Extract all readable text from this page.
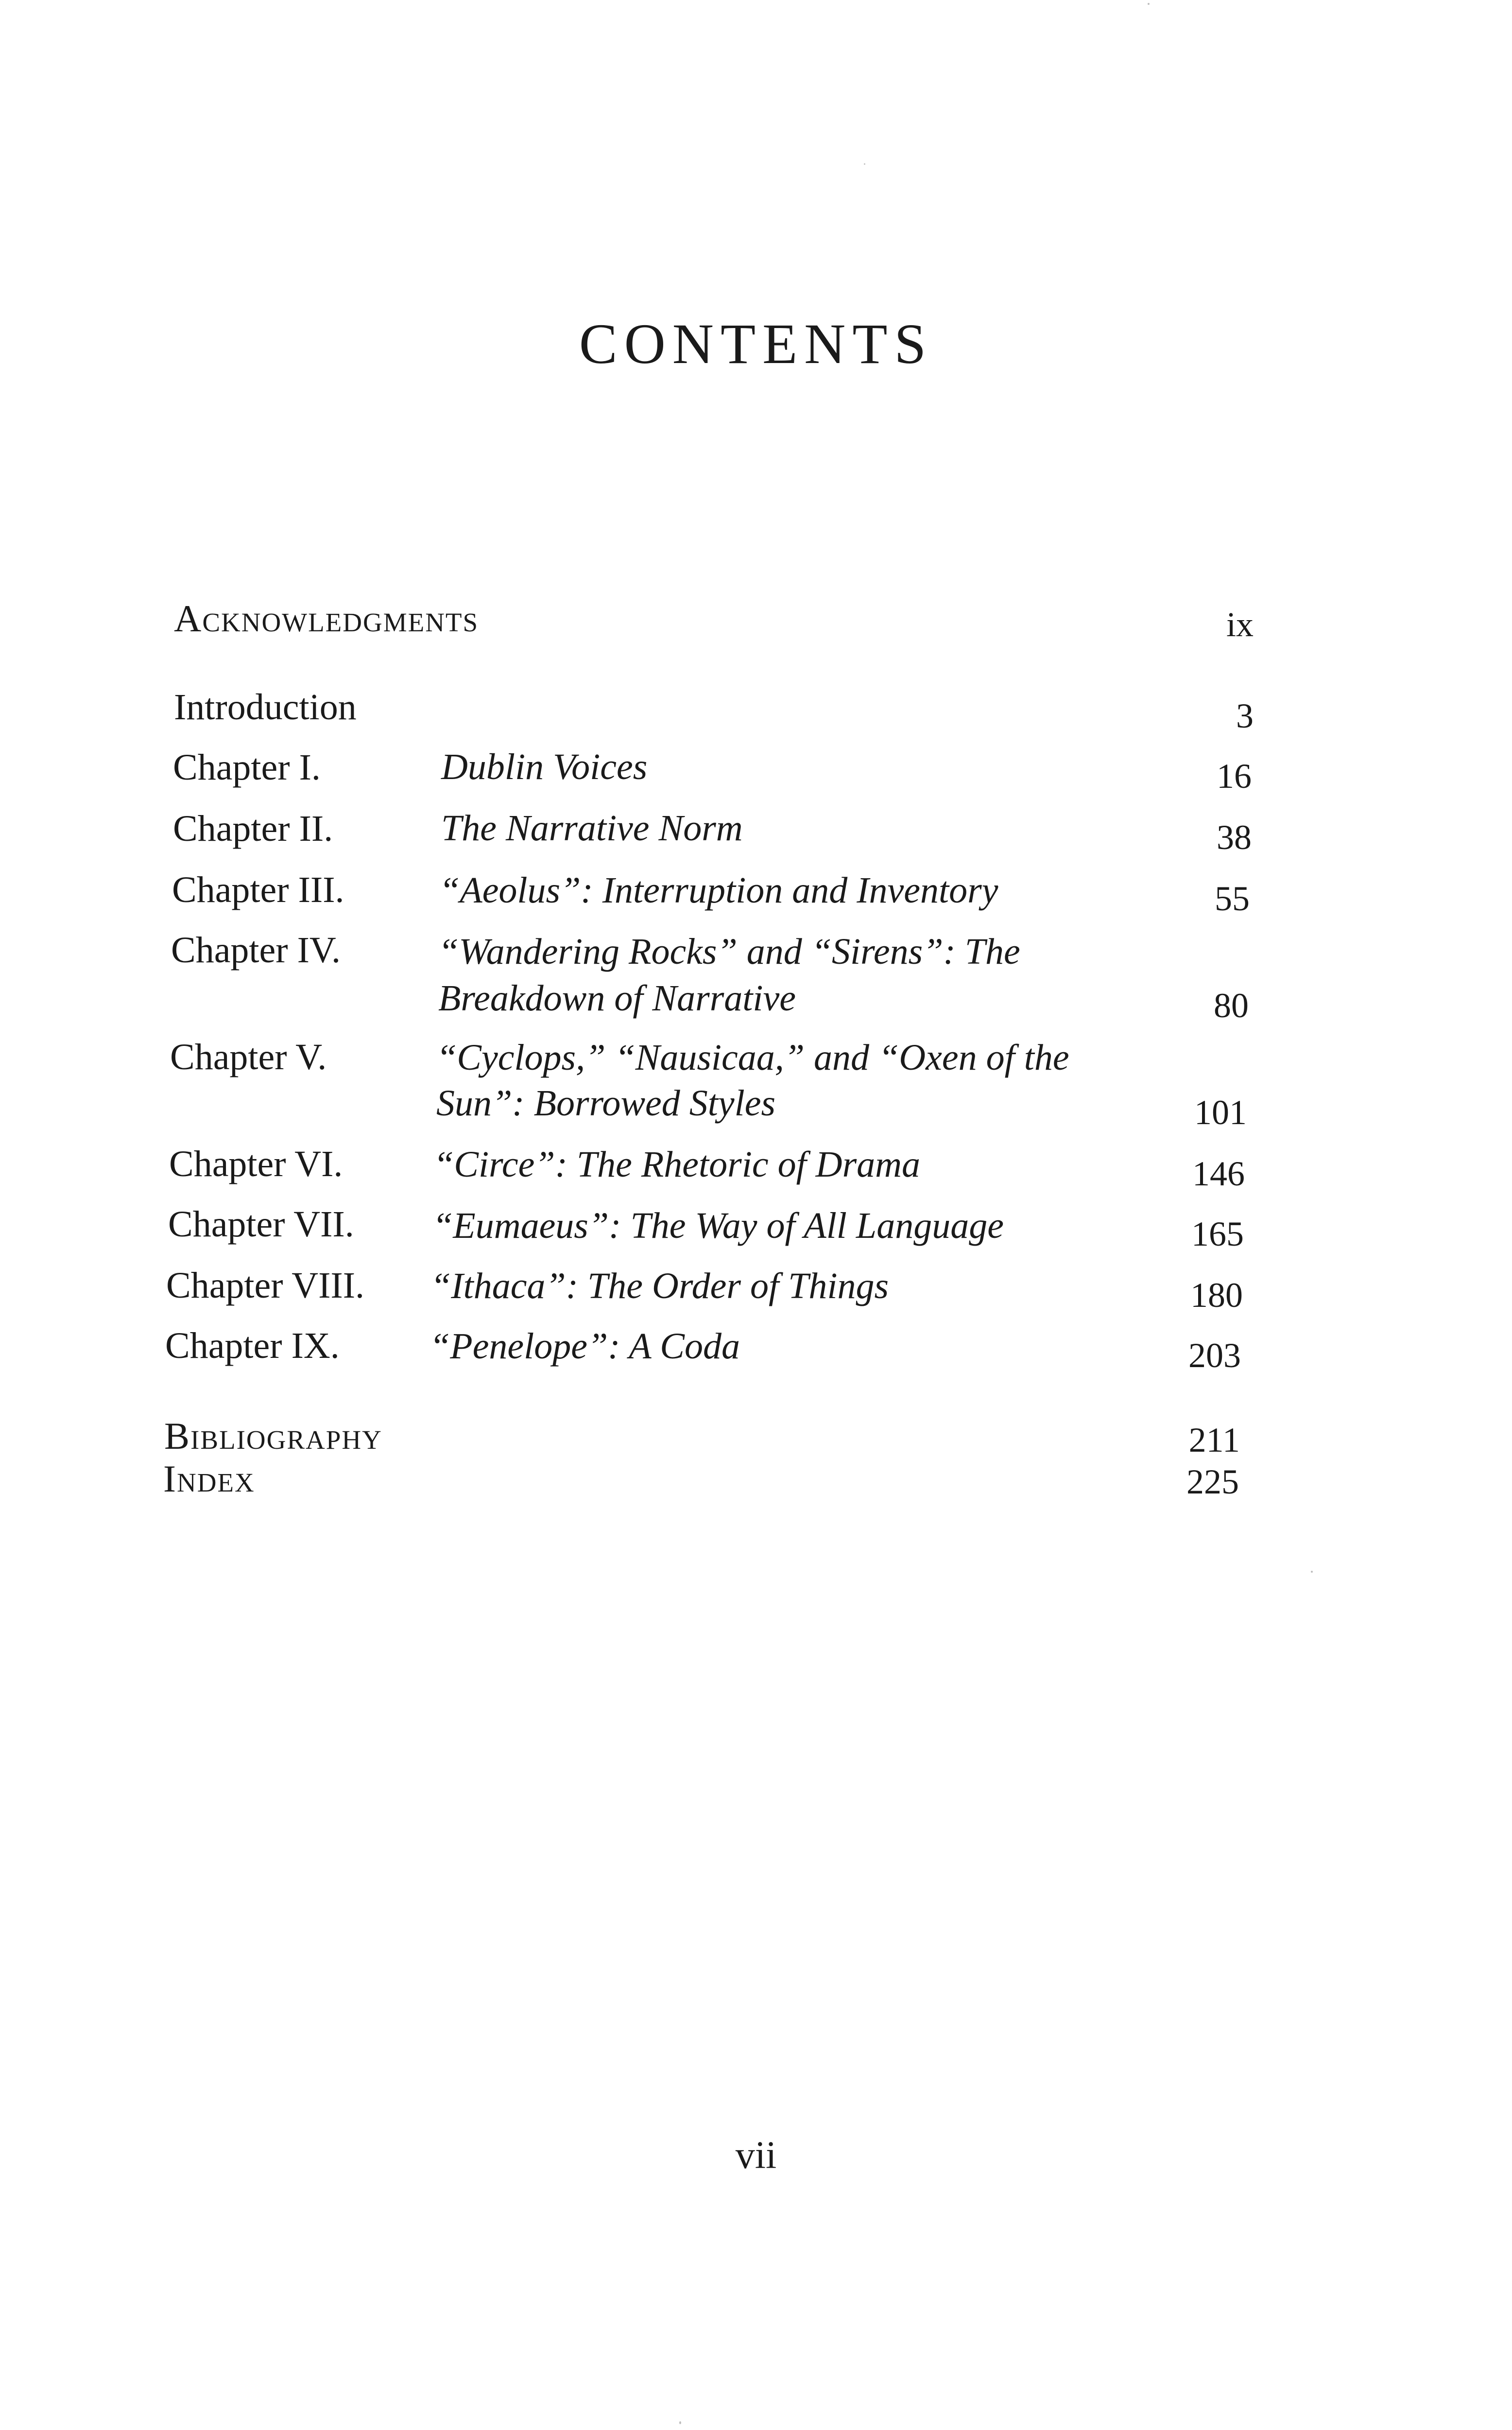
CONTENTS
Acknowledgments	ix
Introduction	3
Chapter I.	Dublin Voices	16
Chapter II.	The Narrative Norm	38
Chapter III.	“Aeolus”: Interruption and Inventory	55
Chapter IV.	“Wandering Rocks” and “Sirens”: The
Breakdown of Narrative	80
Chapter V.	“Cyclops,” “Nausicaa,” and “Oxen of the
Sun”: Borrowed Styles	101
Chapter VI. “Circe”: The Rhetoric of Drama	146
Chapter VII. “Eumaeus”: The Way of All Language	165
Chapter VIII. “Ithaca”: The Order of Things	180
Chapter IX. “Penelope”: A Coda	203
Bibliography	211
Index	225
vii
